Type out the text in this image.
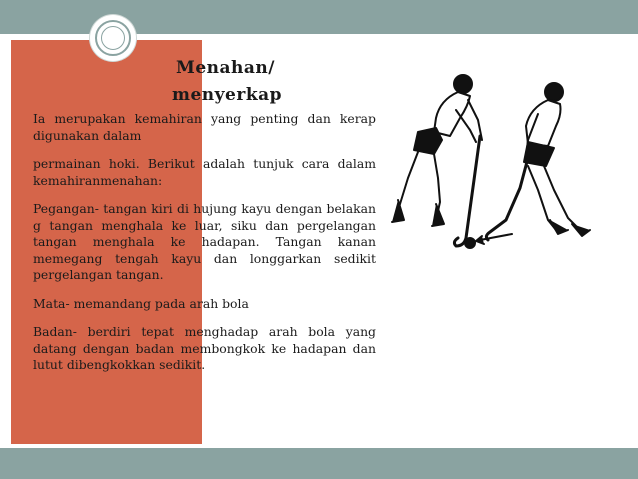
Menahan/
menyerkap

Ia merupakan kemahiran yang penting dan kerap digunakan dalam

permainan hoki. Berikut adalah tunjuk cara dalam kemahiranmenahan:

Pegangan- tangan kiri di hujung kayu dengan belakan g tangan menghala ke luar, siku dan pergelangan tangan menghala ke hadapan. Tangan kanan memegang tengah kayu dan longgarkan sedikit pergelangan tangan.

Mata- memandang pada arah bola

Badan- berdiri tepat menghadap arah bola yang datang dengan badan membongkok ke hadapan dan lutut dibengkokkan sedikit.
